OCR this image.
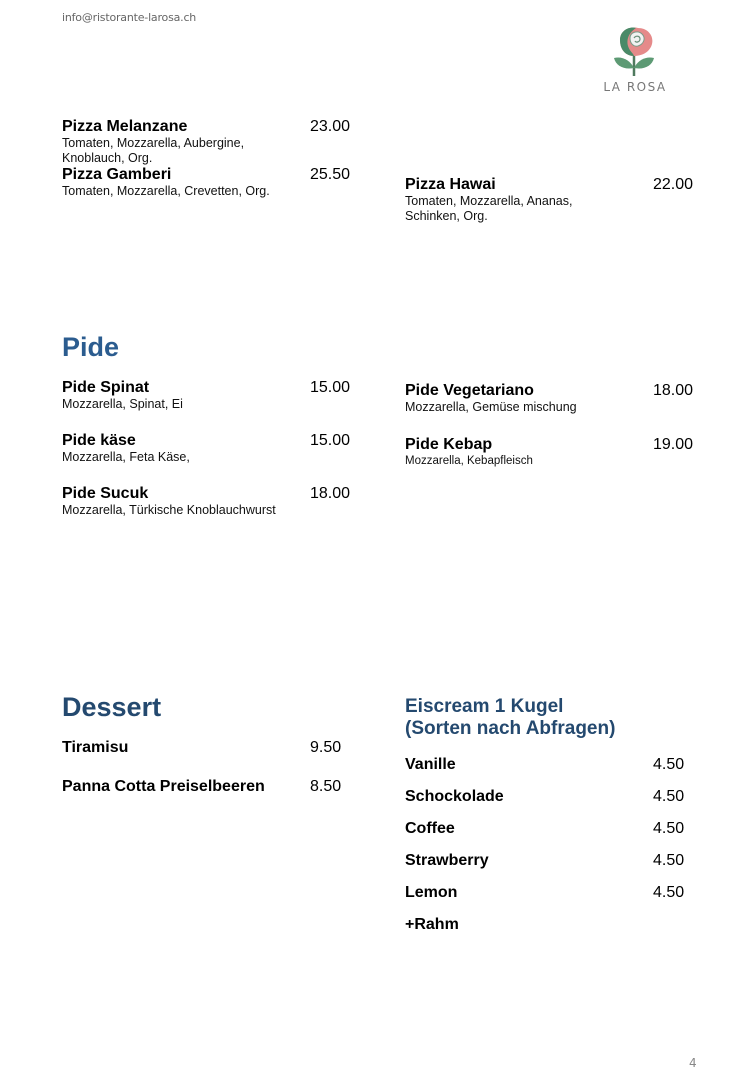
info@ristorante-larosa.ch
LA ROSA
Pizza Melanzane	23.00
Tomaten, Mozzarella, Aubergine,
Knoblauch, Org.
Pizza Gamberi	25.50
Tomaten, Mozzarella, Crevetten, Org.	Pizza Hawai	22.00
Tomaten, Mozzarella, Ananas,
Schinken, Org.
Pide
Pide Spinat	15.00
Mozzarella, Spinat, Ei
Pide käse	15.00
Mozzarella, Feta Käse,
Pide Sucuk	18.00
Mozzarella, Türkische Knoblauchwurst
Pide Vegetariano	18.00
Mozzarella, Gemüse mischung
Pide Kebap	19.00
Mozzarella, Kebapfleisch
Dessert
Tiramisu	9.50
Panna Cotta Preiselbeeren	8.50
Eiscream 1 Kugel
(Sorten nach Abfragen)
Vanille	4.50
Schockolade	4.50
Coffee	4.50
Strawberry	4.50
Lemon	4.50
+Rahm
4
